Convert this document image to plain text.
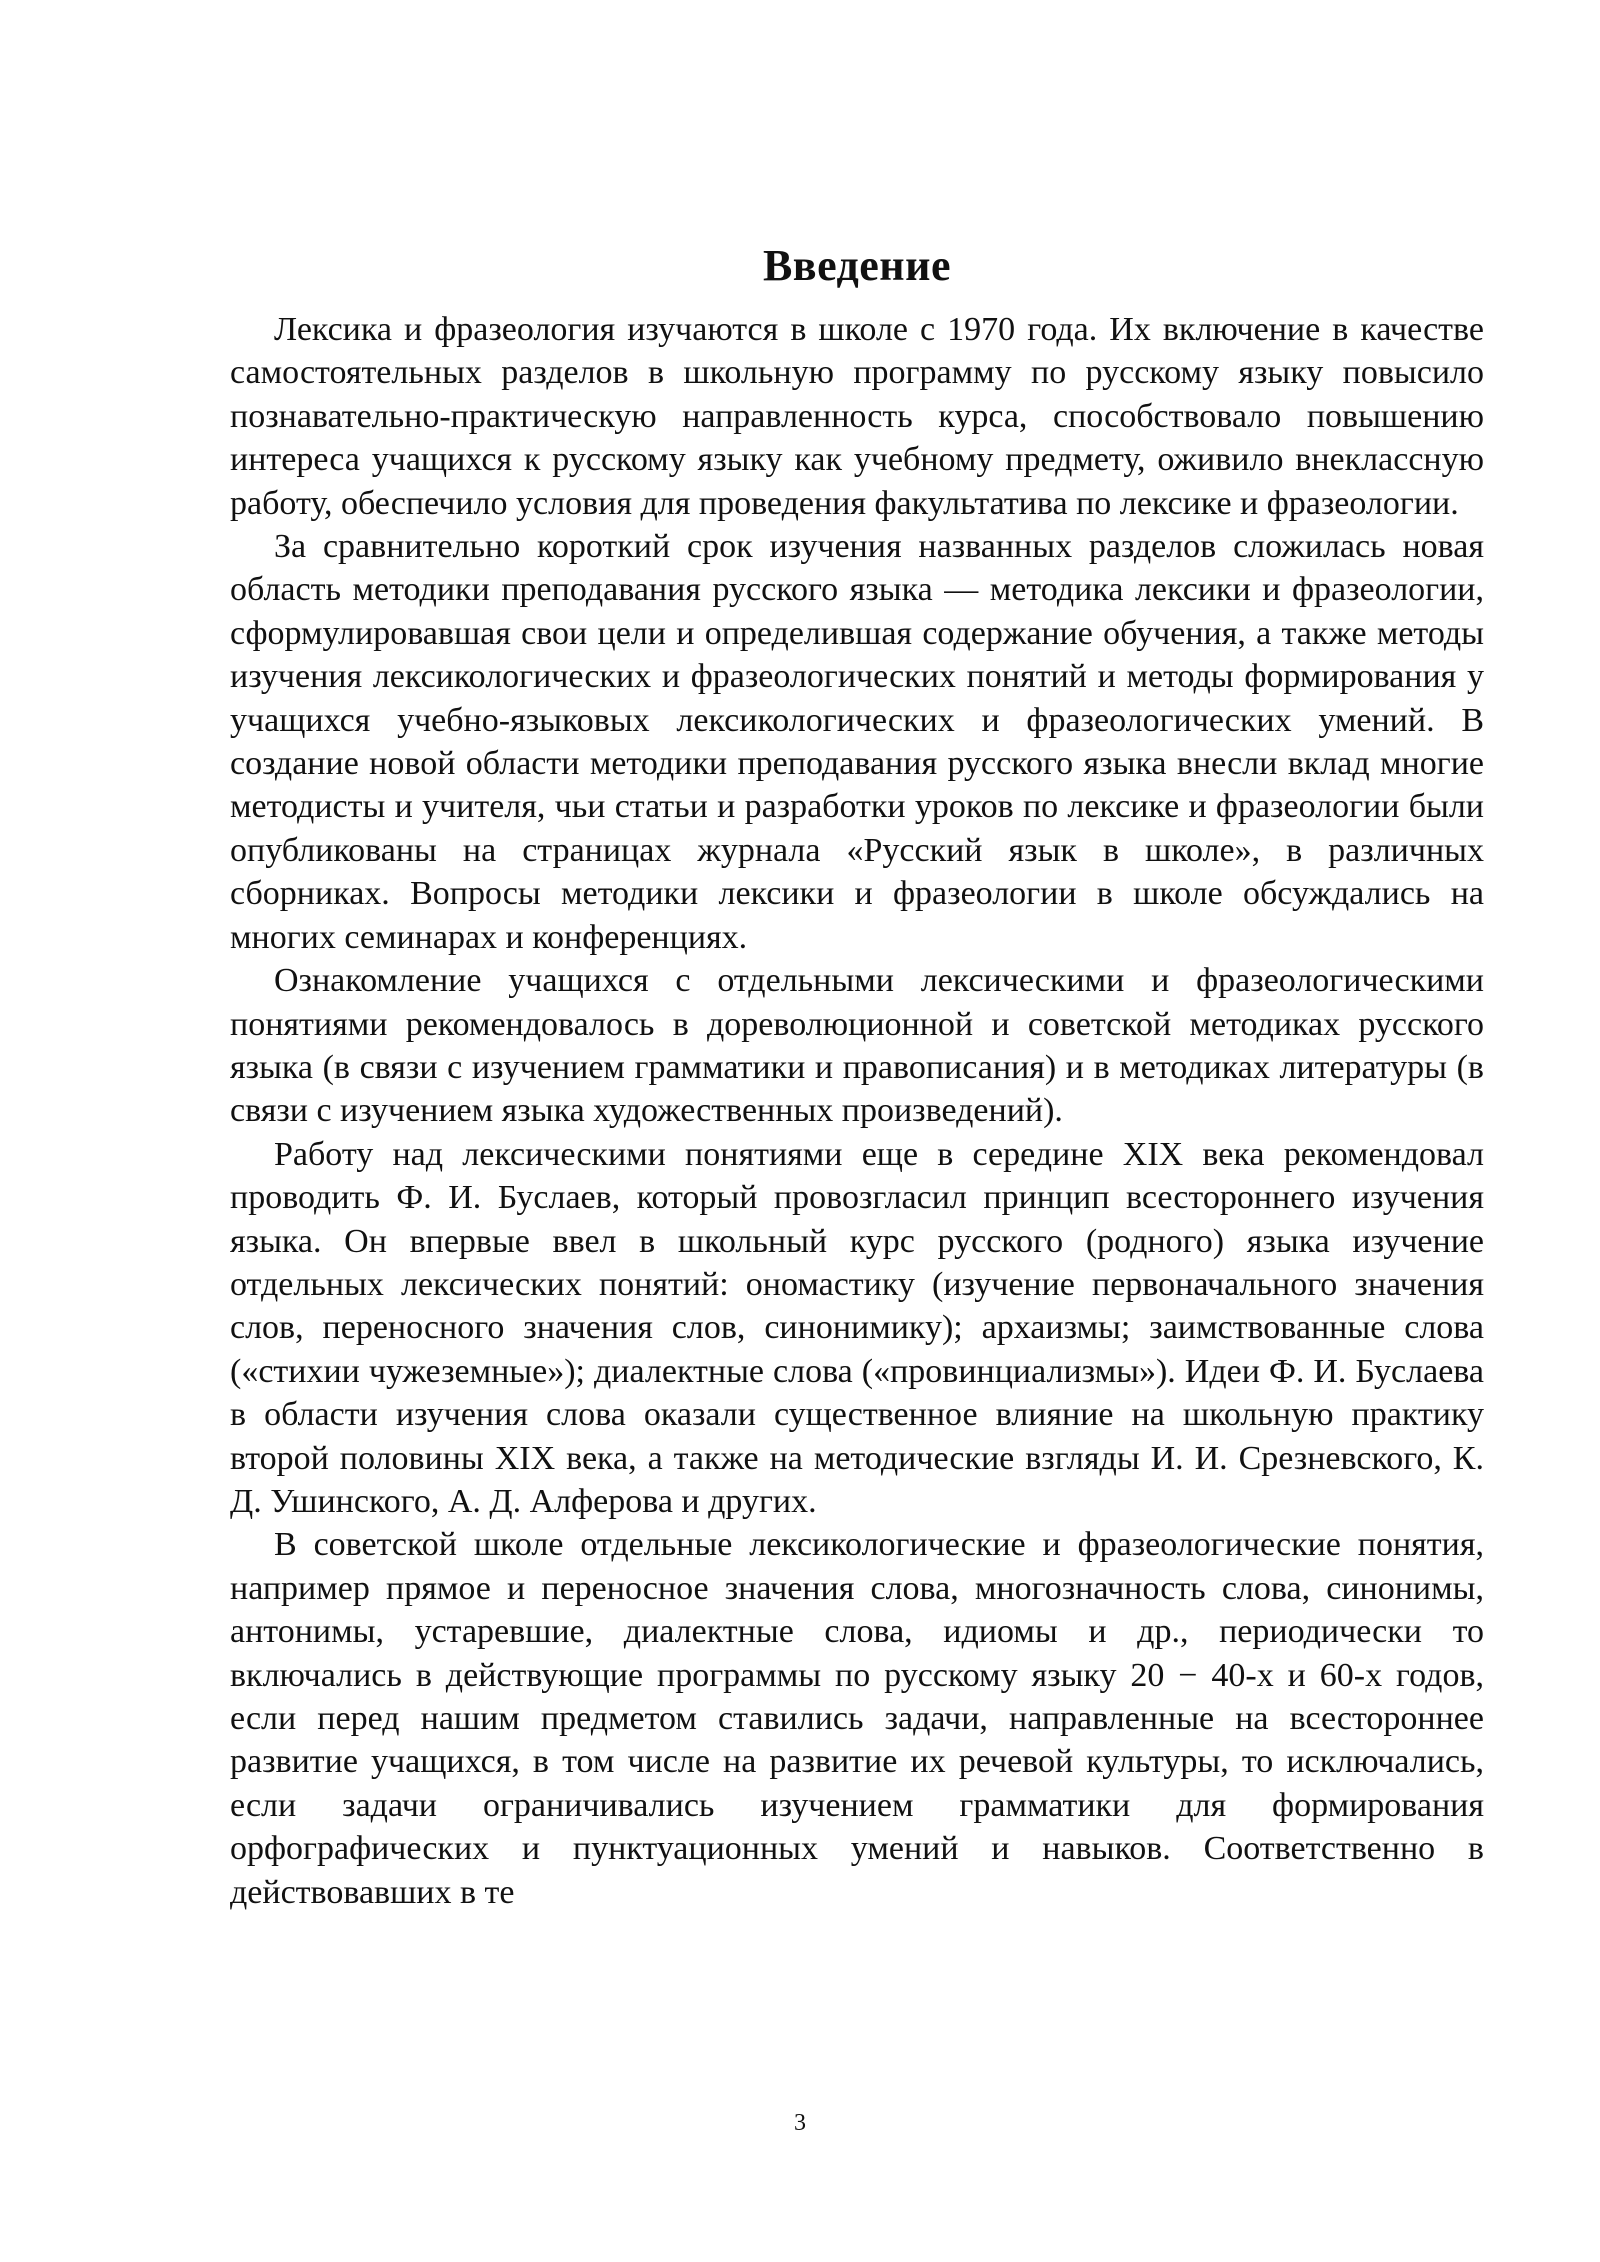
Введение

Лексика и фразеология изучаются в школе с 1970 года. Их включение в качестве самостоятельных разделов в школьную программу по русскому языку повысило познавательно-практическую направленность курса, способствовало повышению интереса учащихся к русскому языку как учебному предмету, оживило внеклассную работу, обеспечило условия для проведения факультатива по лексике и фразеологии.

За сравнительно короткий срок изучения названных разделов сложилась новая область методики преподавания русского языка — методика лексики и фразеологии, сформулировавшая свои цели и определившая содержание обучения, а также методы изучения лексикологических и фразеологических понятий и методы формирования у учащихся учебно-языковых лексикологических и фразеологических умений. В создание новой области методики преподавания русского языка внесли вклад многие методисты и учителя, чьи статьи и разработки уроков по лексике и фразеологии были опубликованы на страницах журнала «Русский язык в школе», в различных сборниках. Вопросы методики лексики и фразеологии в школе обсуждались на многих семинарах и конференциях.

Ознакомление учащихся с отдельными лексическими и фразеологическими понятиями рекомендовалось в дореволюционной и советской методиках русского языка (в связи с изучением грамматики и правописания) и в методиках литературы (в связи с изучением языка художественных произведений).

Работу над лексическими понятиями еще в середине XIX века рекомендовал проводить Ф. И. Буслаев, который провозгласил принцип всестороннего изучения языка. Он впервые ввел в школьный курс русского (родного) языка изучение отдельных лексических понятий: ономастику (изучение первоначального значения слов, переносного значения слов, синонимику); архаизмы; заимствованные слова («стихии чужеземные»); диалектные слова («провинциализмы»). Идеи Ф. И. Буслаева в области изучения слова оказали существенное влияние на школьную практику второй половины XIX века, а также на методические взгляды И. И. Срезневского, К. Д. Ушинского, А. Д. Алферова и других.

В советской школе отдельные лексикологические и фразеологические понятия, например прямое и переносное значения слова, многозначность слова, синонимы, антонимы, устаревшие, диалектные слова, идиомы и др., периодически то включались в действующие программы по русскому языку 20 − 40-х и 60-х годов, если перед нашим предметом ставились задачи, направленные на всестороннее развитие учащихся, в том числе на развитие их речевой культуры, то исключались, если задачи ограничивались изучением грамматики для формирования орфографических и пунктуационных умений и навыков. Соответственно в действовавших в те

3
